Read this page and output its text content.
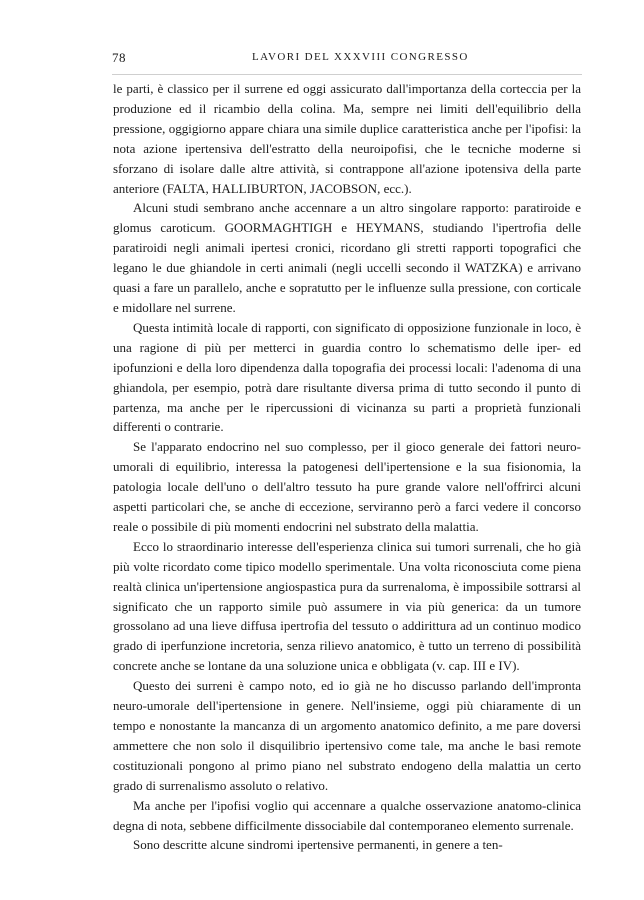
78	LAVORI DEL XXXVIII CONGRESSO

le parti, è classico per il surrene ed oggi assicurato dall'importanza della corteccia per la produzione ed il ricambio della colina. Ma, sempre nei limiti dell'equilibrio della pressione, oggigiorno appare chiara una simile duplice caratteristica anche per l'ipofisi: la nota azione ipertensiva dell'estratto della neuroipofisi, che le tecniche moderne si sforzano di isolare dalle altre attività, si contrappone all'azione ipotensiva della parte anteriore (FALTA, HALLIBURTON, JACOBSON, ecc.).

Alcuni studi sembrano anche accennare a un altro singolare rapporto: paratiroide e glomus caroticum. GOORMAGHTIGH e HEYMANS, studiando l'ipertrofia delle paratiroidi negli animali ipertesi cronici, ricordano gli stretti rapporti topografici che legano le due ghiandole in certi animali (negli uccelli secondo il WATZKA) e arrivano quasi a fare un parallelo, anche e sopratutto per le influenze sulla pressione, con corticale e midollare nel surrene.

Questa intimità locale di rapporti, con significato di opposizione funzionale in loco, è una ragione di più per metterci in guardia contro lo schematismo delle iper- ed ipofunzioni e della loro dipendenza dalla topografia dei processi locali: l'adenoma di una ghiandola, per esempio, potrà dare risultante diversa prima di tutto secondo il punto di partenza, ma anche per le ripercussioni di vicinanza su parti a proprietà funzionali differenti o contrarie.

Se l'apparato endocrino nel suo complesso, per il gioco generale dei fattori neuro-umorali di equilibrio, interessa la patogenesi dell'ipertensione e la sua fisionomia, la patologia locale dell'uno o dell'altro tessuto ha pure grande valore nell'offrirci alcuni aspetti particolari che, se anche di eccezione, serviranno però a farci vedere il concorso reale o possibile di più momenti endocrini nel substrato della malattia.

Ecco lo straordinario interesse dell'esperienza clinica sui tumori surrenali, che ho già più volte ricordato come tipico modello sperimentale. Una volta riconosciuta come piena realtà clinica un'ipertensione angiospastica pura da surrenaloma, è impossibile sottrarsi al significato che un rapporto simile può assumere in via più generica: da un tumore grossolano ad una lieve diffusa ipertrofia del tessuto o addirittura ad un continuo modico grado di iperfunzione incretoria, senza rilievo anatomico, è tutto un terreno di possibilità concrete anche se lontane da una soluzione unica e obbligata (v. cap. III e IV).

Questo dei surreni è campo noto, ed io già ne ho discusso parlando dell'impronta neuro-umorale dell'ipertensione in genere. Nell'insieme, oggi più chiaramente di un tempo e nonostante la mancanza di un argomento anatomico definito, a me pare doversi ammettere che non solo il disquilibrio ipertensivo come tale, ma anche le basi remote costituzionali pongono al primo piano nel substrato endogeno della malattia un certo grado di surrenalismo assoluto o relativo.

Ma anche per l'ipofisi voglio qui accennare a qualche osservazione anatomo-clinica degna di nota, sebbene difficilmente dissociabile dal contemporaneo elemento surrenale.

Sono descritte alcune sindromi ipertensive permanenti, in genere a ten-
